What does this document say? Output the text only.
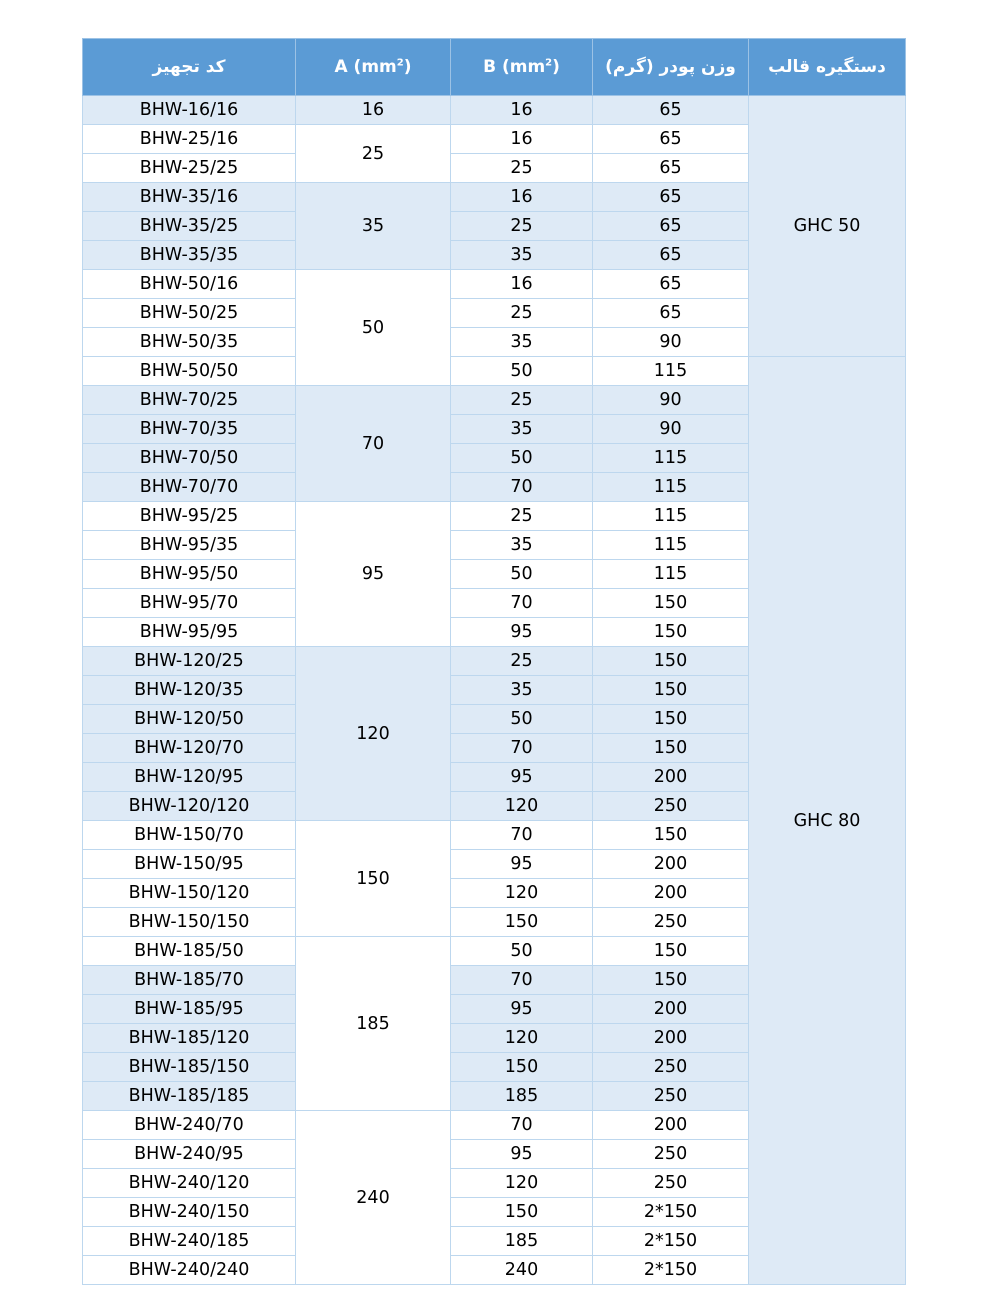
کد تجهیز	A $(mm^2)$	B $(mm^2)$	وزن پودر (گرم)	دستگیره قالب
BHW-16/16	16	16	65	GHC 50
BHW-25/16	25	16	65	
BHW-25/25		25	65	
BHW-35/16	35	16	65	
BHW-35/25		25	65	
BHW-35/35		35	65	
BHW-50/16	50	16	65	
BHW-50/25		25	65	
BHW-50/35		35	90	
BHW-50/50		50	115	GHC 80
BHW-70/25	70	25	90	
BHW-70/35		35	90	
BHW-70/50		50	115	
BHW-70/70		70	115	
BHW-95/25	95	25	115	
BHW-95/35		35	115	
BHW-95/50		50	115	
BHW-95/70		70	150	
BHW-95/95		95	150	
BHW-120/25	120	25	150	
BHW-120/35		35	150	
BHW-120/50		50	150	
BHW-120/70		70	150	
BHW-120/95		95	200	
BHW-120/120		120	250	
BHW-150/70	150	70	150	
BHW-150/95		95	200	
BHW-150/120		120	200	
BHW-150/150		150	250	
BHW-185/50	185	50	150	
BHW-185/70		70	150	
BHW-185/95		95	200	
BHW-185/120		120	200	
BHW-185/150		150	250	
BHW-185/185		185	250	
BHW-240/70	240	70	200	
BHW-240/95		95	250	
BHW-240/120		120	250	
BHW-240/150		150	2*150	
BHW-240/185		185	2*150	
BHW-240/240		240	2*150	
